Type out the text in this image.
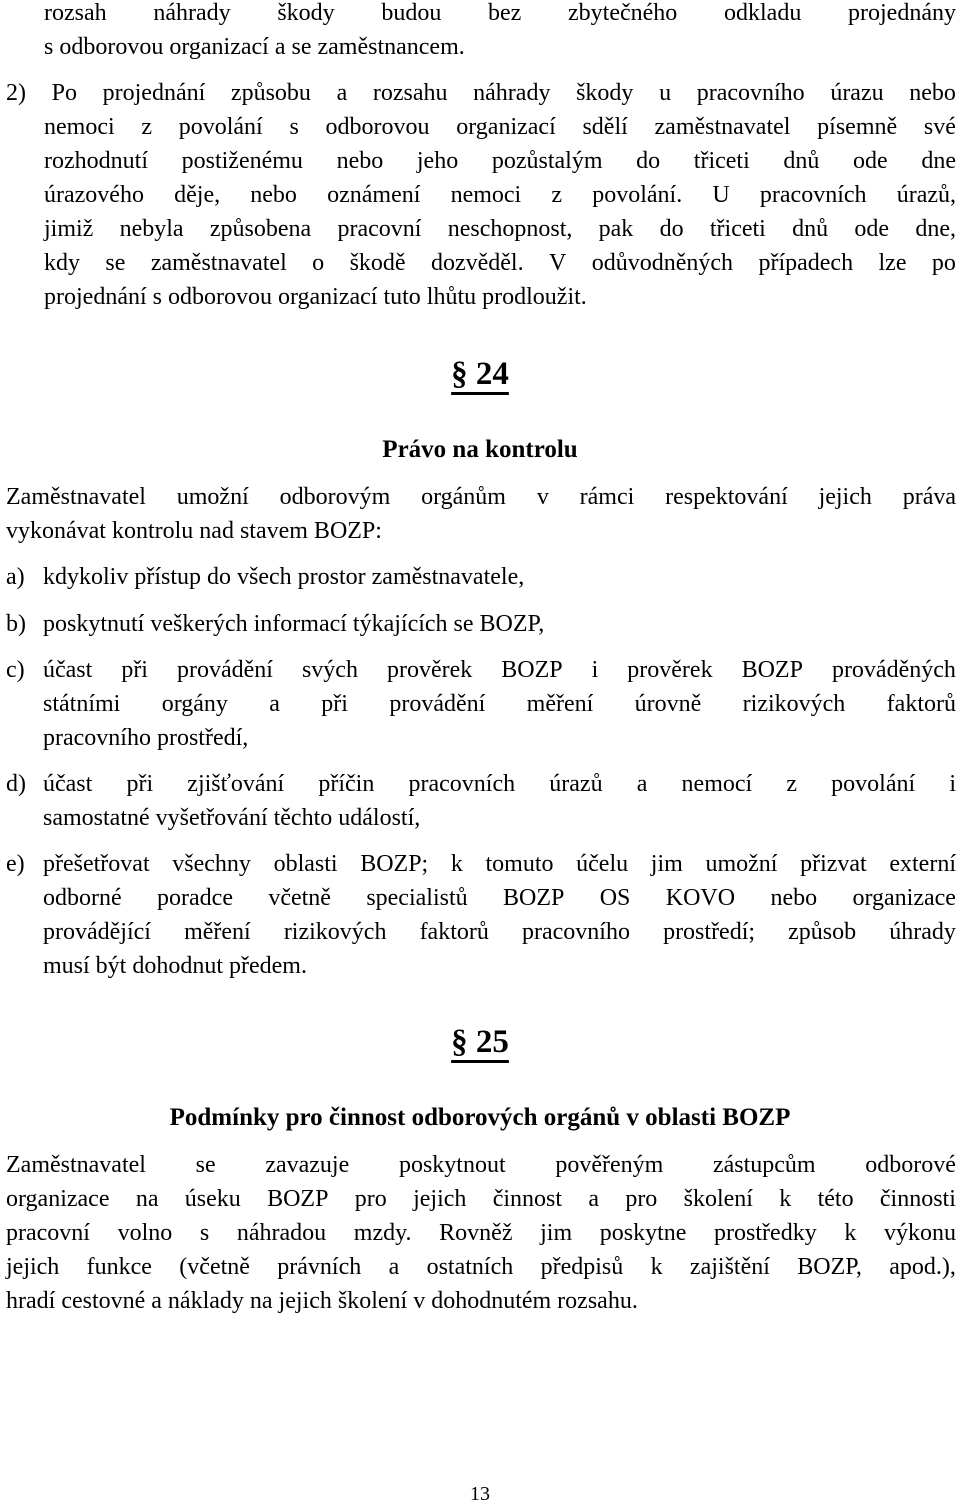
rozsah náhrady škody budou bez zbytečného odkladu projednány
s odborovou organizací a se zaměstnancem.
2) Po projednání způsobu a rozsahu náhrady škody u pracovního úrazu nebo
nemoci z povolání s odborovou organizací sdělí zaměstnavatel písemně své
rozhodnutí postiženému nebo jeho pozůstalým do třiceti dnů ode dne
úrazového děje, nebo oznámení nemoci z povolání. U pracovních úrazů,
jimiž nebyla způsobena pracovní neschopnost, pak do třiceti dnů ode dne,
kdy se zaměstnavatel o škodě dozvěděl. V odůvodněných případech lze po
projednání s odborovou organizací tuto lhůtu prodloužit.
§ 24
Právo na kontrolu
Zaměstnavatel umožní odborovým orgánům v rámci respektování jejich práva
vykonávat kontrolu nad stavem BOZP:
a) kdykoliv přístup do všech prostor zaměstnavatele,
b) poskytnutí veškerých informací týkajících se BOZP,
c) účast při provádění svých prověrek BOZP i prověrek BOZP prováděných
státními orgány a při provádění měření úrovně rizikových faktorů
pracovního prostředí,
d) účast při zjišťování příčin pracovních úrazů a nemocí z povolání i
samostatné vyšetřování těchto událostí,
e) přešetřovat všechny oblasti BOZP; k tomuto účelu jim umožní přizvat externí
odborné poradce včetně specialistů BOZP OS KOVO nebo organizace
provádějící měření rizikových faktorů pracovního prostředí; způsob úhrady
musí být dohodnut předem.
§ 25
Podmínky pro činnost odborových orgánů v oblasti BOZP
Zaměstnavatel se zavazuje poskytnout pověřeným zástupcům odborové
organizace na úseku BOZP pro jejich činnost a pro školení k této činnosti
pracovní volno s náhradou mzdy. Rovněž jim poskytne prostředky k výkonu
jejich funkce (včetně právních a ostatních předpisů k zajištění BOZP, apod.),
hradí cestovné a náklady na jejich školení v dohodnutém rozsahu.
13
